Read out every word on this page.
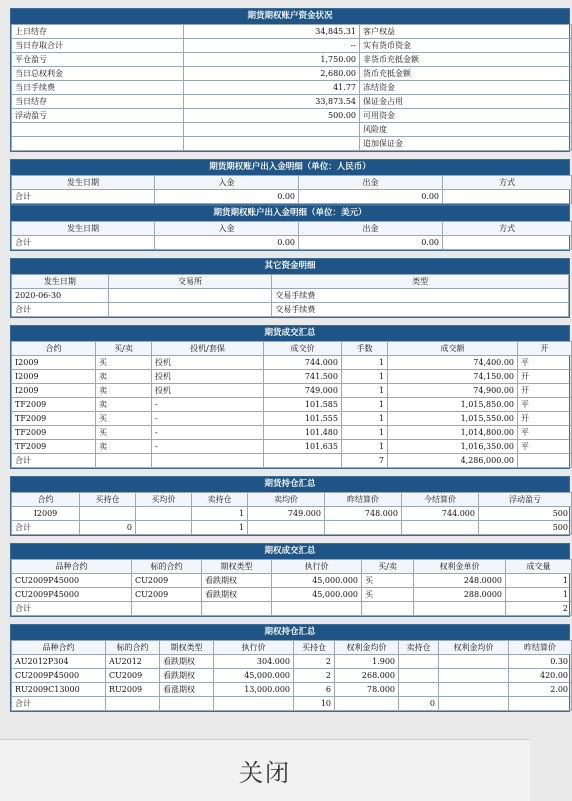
期货期权账户资金状况
上日结存	34,845.31	客户权益
当日存取合计	--	实有货币资金
平仓盈亏	1,750.00	非货币充抵金额
当日总权利金	2,680.00	货币充抵金额
当日手续费	41.77	冻结资金
当日结存	33,873.54	保证金占用
浮动盈亏	500.00	可用资金
		风险度
		追加保证金
期货期权账户出入金明细（单位：人民币）
发生日期	入金	出金	方式
合计	0.00	0.00	
期货期权账户出入金明细（单位：美元）
发生日期	入金	出金	方式
合计	0.00	0.00	
其它资金明细
发生日期	交易所	类型
2020-06-30		交易手续费
合计		交易手续费
期货成交汇总
合约	买/卖	投机/套保	成交价	手数	成交额	开
I2009	买	投机	744.000	1	74,400.00	平
I2009	卖	投机	741.500	1	74,150.00	开
I2009	卖	投机	749.000	1	74,900.00	开
TF2009	卖	-	101.585	1	1,015,850.00	平
TF2009	买	-	101.555	1	1,015,550.00	开
TF2009	买	-	101.480	1	1,014,800.00	平
TF2009	卖	-	101.635	1	1,016,350.00	平
合计				7	4,286,000.00	
期货持仓汇总
合约	买持仓	买均价	卖持仓	卖均价	昨结算价	今结算价	浮动盈亏
I2009			1	749.000	748.000	744.000	500
合计	0		1				500
期权成交汇总
品种合约	标的合约	期权类型	执行价	买/卖	权利金单价	成交量
CU2009P45000	CU2009	看跌期权	45,000.000	买	248.0000	1
CU2009P45000	CU2009	看跌期权	45,000.000	买	288.0000	1
合计						2
期权持仓汇总
品种合约	标的合约	期权类型	执行价	买持仓	权利金均价	卖持仓	权利金均价	昨结算价
AU2012P304	AU2012	看跌期权	304.000	2	1.900			0.30
CU2009P45000	CU2009	看跌期权	45,000.000	2	268.000			420.00
RU2009C13000	RU2009	看涨期权	13,000.000	6	78.000			2.00
合计				10		0		
关闭
